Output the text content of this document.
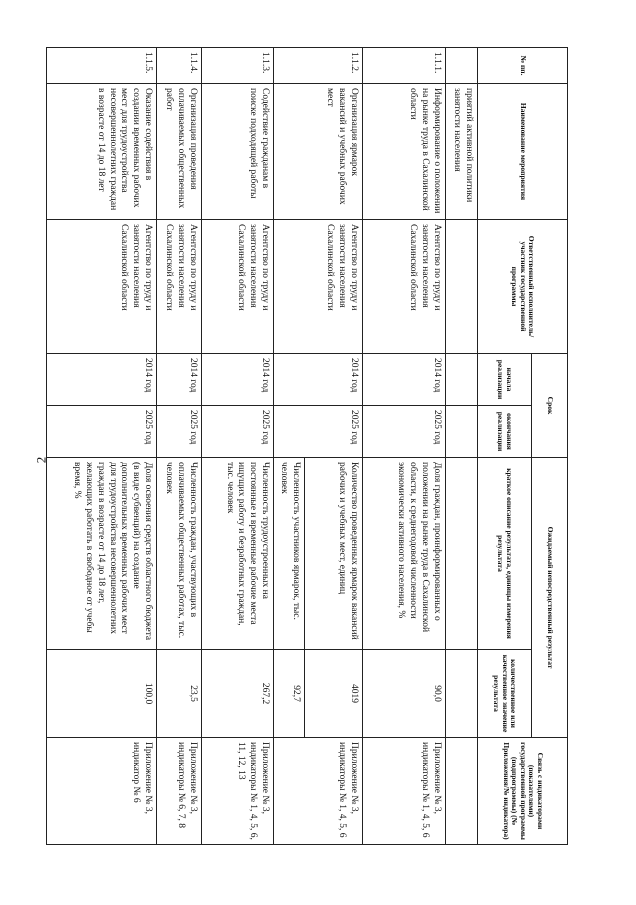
2
№ пп.	Наименование мероприятия	Ответственный исполнитель/участник государственной программы	Срок		Ожидаемый непосредственный результат		Связь с индикаторами (показателями) государственной программы (подпрограммы) (№ Приложения/№ индикатора)
			начала реализации	окончания реализации	краткое описание результата, единицы измерения результата	количественное или качественное значение результата	
	приятий активной политики занятости населения						
1.1.1.	Информирование о положении на рынке труда в Сахалинской области	Агентство по труду и занятости населения Сахалинской области	2014 год	2025 год	Доля граждан, проинформированных о положении на рынке труда в Сахалинской области, к среднегодовой численности экономически активного населения, %	90,0	Приложение № 3, индикаторы № 1, 4, 5, 6
1.1.2.	Организация ярмарок вакансий и учебных рабочих мест	Агентство по труду и занятости населения Сахалинской области	2014 год	2025 год	Количество проведенных ярмарок вакансий рабочих и учебных мест, единиц	4019	Приложение № 3, индикаторы № 1, 4, 5, 6
					Численность участников ярмарок, тыс. человек	92,7	
1.1.3.	Содействие гражданам в поиске подходящей работы	Агентство по труду и занятости населения Сахалинской области	2014 год	2025 год	Численность трудоустроенных на постоянные и временные рабочие места ищущих работу и безработных граждан, тыс. человек	267,2	Приложение № 3, индикаторы № 1, 4, 5, 6, 11, 12, 13
1.1.4.	Организация проведения оплачиваемых общественных работ	Агентство по труду и занятости населения Сахалинской области	2014 год	2025 год	Численность граждан, участвующих в оплачиваемых общественных работах, тыс. человек	23,5	Приложение № 3, индикаторы № 6, 7, 8
1.1.5.	Оказание содействия в создании временных рабочих мест для трудоустройства несовершеннолетних граждан в возрасте от 14 до 18 лет	Агентство по труду и занятости населения Сахалинской области	2014 год	2025 год	Доля освоения средств областного бюджета (в виде субвенций) на создание дополнительных временных рабочих мест для трудоустройства несовершеннолетних граждан в возрасте от 14 до 18 лет, желающих работать в свободное от учебы время, %	100,0	Приложение № 3, индикатор № 6
